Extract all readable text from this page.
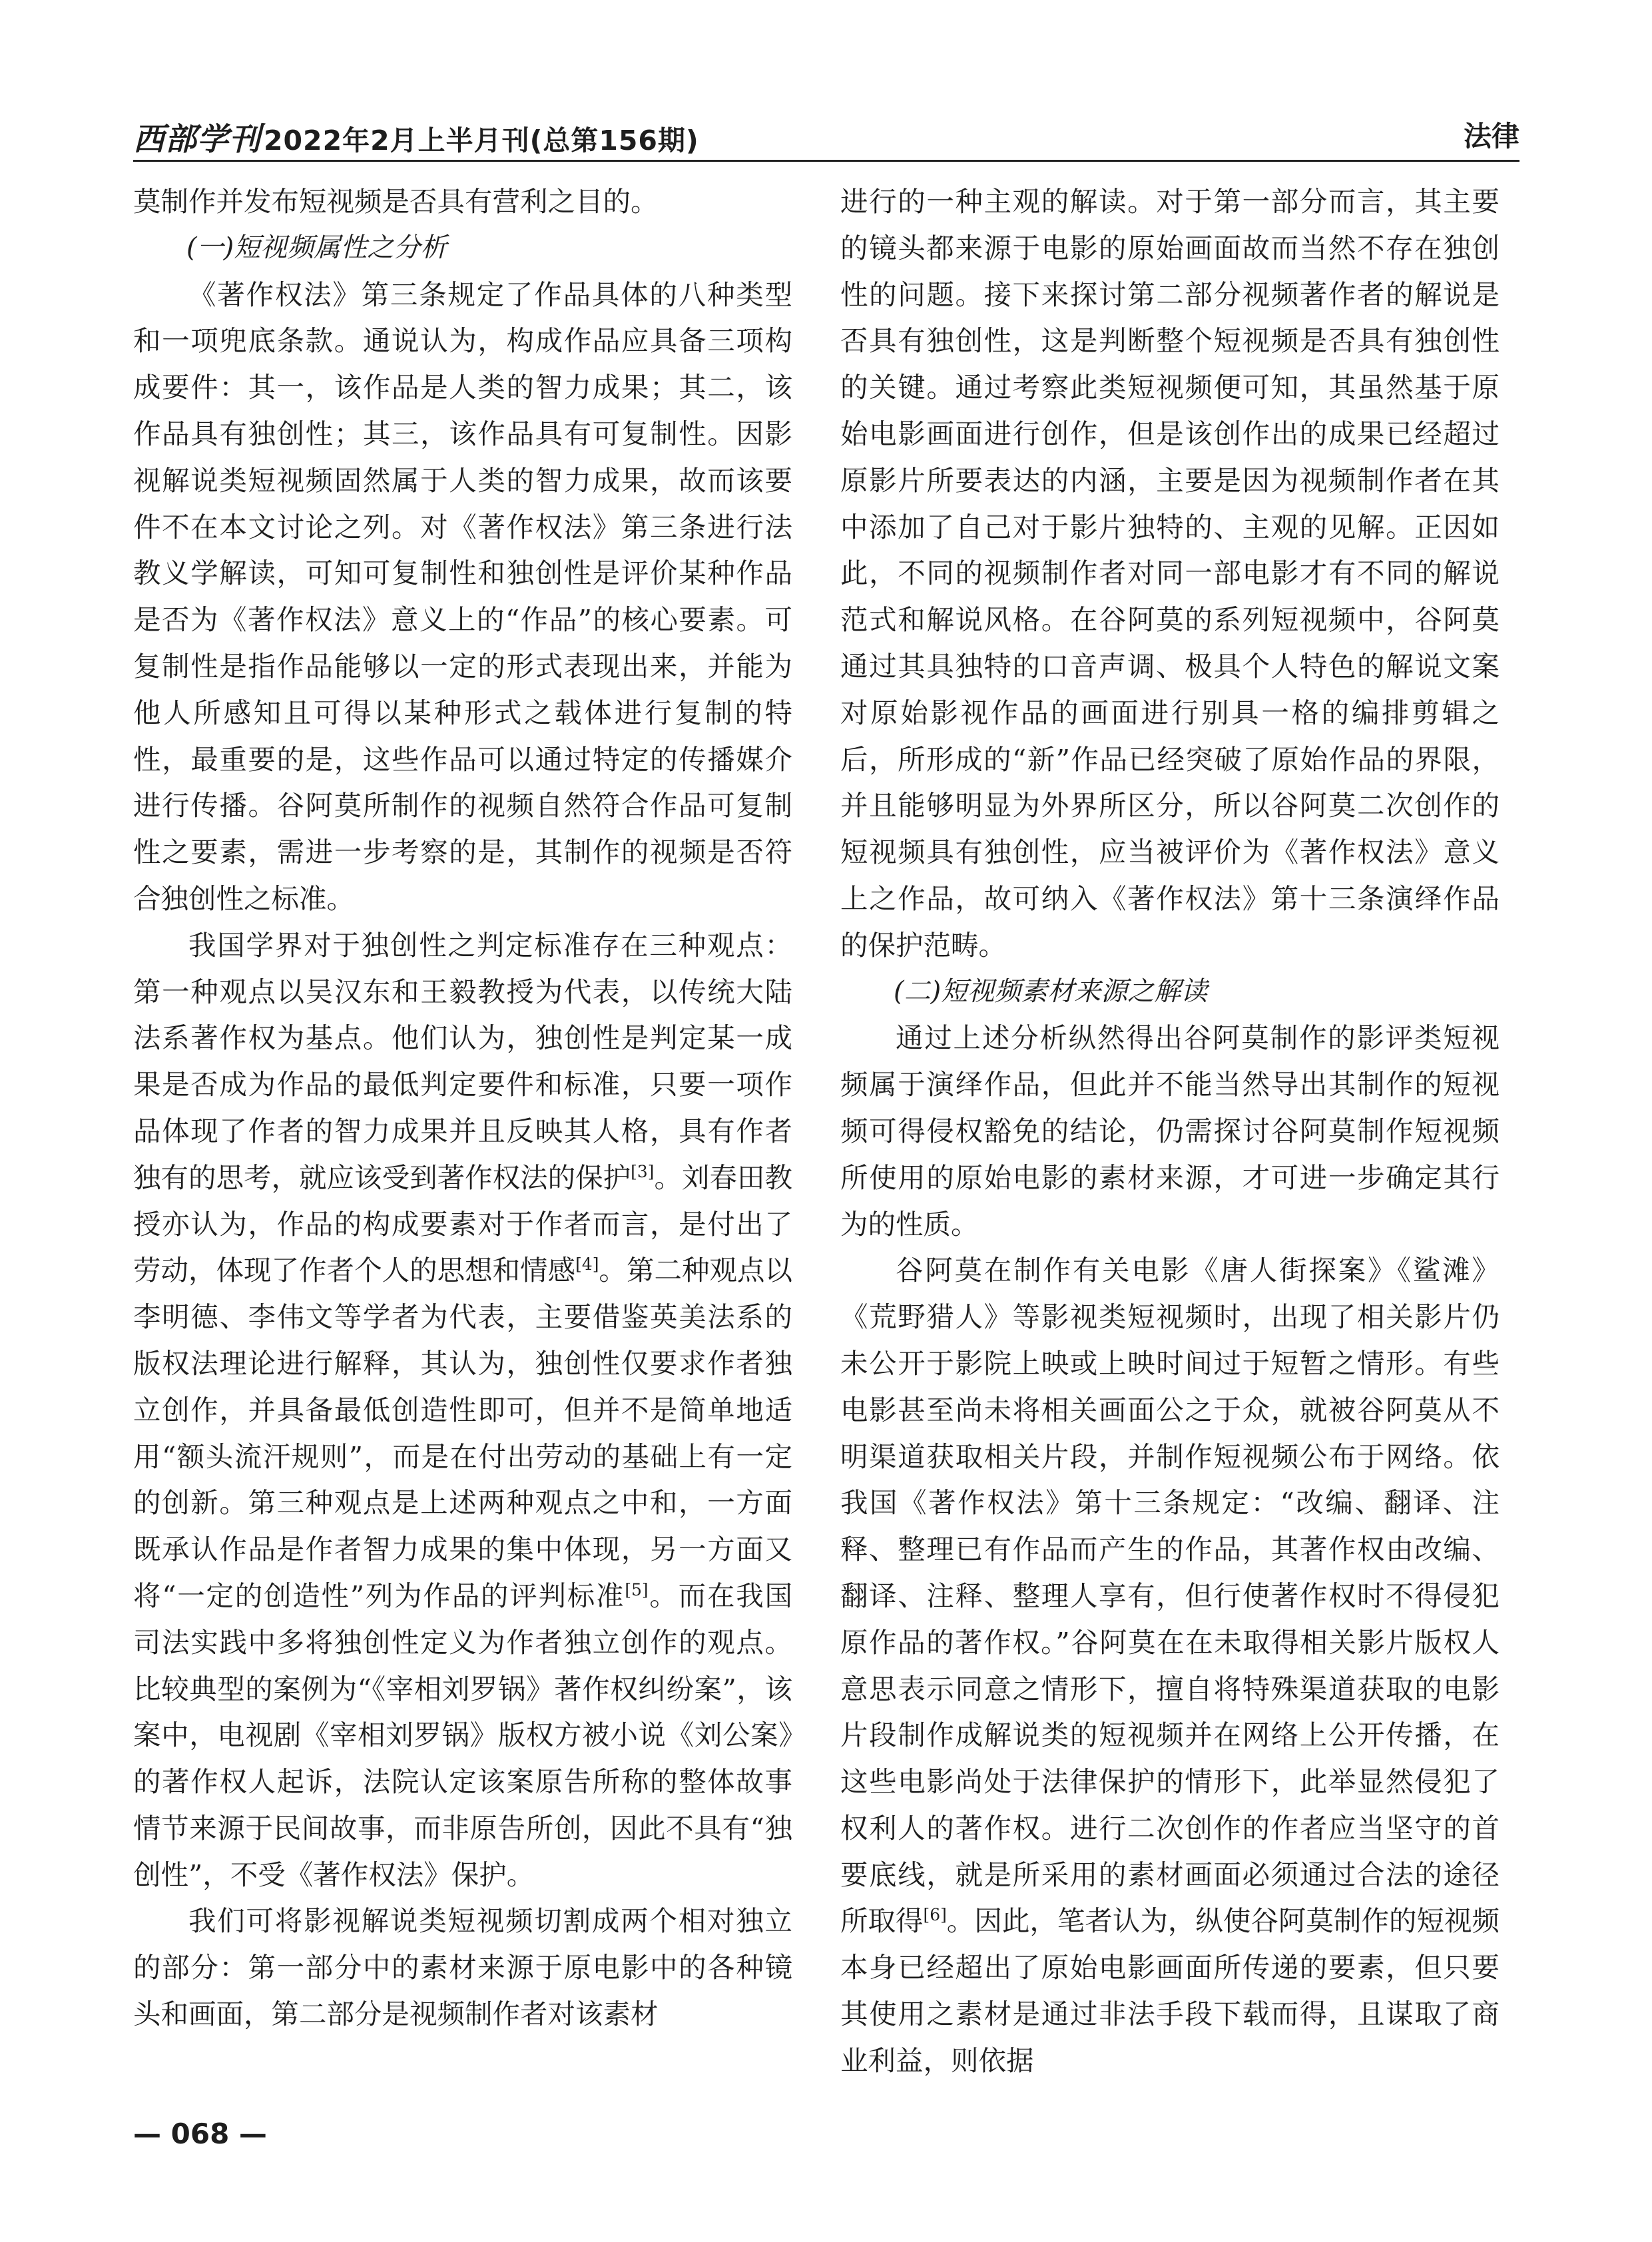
西部学刊2022年2月上半月刊(总第156期)	法律

莫制作并发布短视频是否具有营利之目的。

(一)短视频属性之分析

《著作权法》第三条规定了作品具体的八种类型和一项兜底条款。通说认为，构成作品应具备三项构成要件：其一，该作品是人类的智力成果；其二，该作品具有独创性；其三，该作品具有可复制性。因影视解说类短视频固然属于人类的智力成果，故而该要件不在本文讨论之列。对《著作权法》第三条进行法教义学解读，可知可复制性和独创性是评价某种作品是否为《著作权法》意义上的“作品”的核心要素。可复制性是指作品能够以一定的形式表现出来，并能为他人所感知且可得以某种形式之载体进行复制的特性，最重要的是，这些作品可以通过特定的传播媒介进行传播。谷阿莫所制作的视频自然符合作品可复制性之要素，需进一步考察的是，其制作的视频是否符合独创性之标准。

我国学界对于独创性之判定标准存在三种观点：第一种观点以吴汉东和王毅教授为代表，以传统大陆法系著作权为基点。他们认为，独创性是判定某一成果是否成为作品的最低判定要件和标准，只要一项作品体现了作者的智力成果并且反映其人格，具有作者独有的思考，就应该受到著作权法的保护[3]。刘春田教授亦认为，作品的构成要素对于作者而言，是付出了劳动，体现了作者个人的思想和情感[4]。第二种观点以李明德、李伟文等学者为代表，主要借鉴英美法系的版权法理论进行解释，其认为，独创性仅要求作者独立创作，并具备最低创造性即可，但并不是简单地适用“额头流汗规则”，而是在付出劳动的基础上有一定的创新。第三种观点是上述两种观点之中和，一方面既承认作品是作者智力成果的集中体现，另一方面又将“一定的创造性”列为作品的评判标准[5]。而在我国司法实践中多将独创性定义为作者独立创作的观点。比较典型的案例为“《宰相刘罗锅》著作权纠纷案”，该案中，电视剧《宰相刘罗锅》版权方被小说《刘公案》的著作权人起诉，法院认定该案原告所称的整体故事情节来源于民间故事，而非原告所创，因此不具有“独创性”，不受《著作权法》保护。

我们可将影视解说类短视频切割成两个相对独立的部分：第一部分中的素材来源于原电影中的各种镜头和画面，第二部分是视频制作者对该素材

进行的一种主观的解读。对于第一部分而言，其主要的镜头都来源于电影的原始画面故而当然不存在独创性的问题。接下来探讨第二部分视频著作者的解说是否具有独创性，这是判断整个短视频是否具有独创性的关键。通过考察此类短视频便可知，其虽然基于原始电影画面进行创作，但是该创作出的成果已经超过原影片所要表达的内涵，主要是因为视频制作者在其中添加了自己对于影片独特的、主观的见解。正因如此，不同的视频制作者对同一部电影才有不同的解说范式和解说风格。在谷阿莫的系列短视频中，谷阿莫通过其具独特的口音声调、极具个人特色的解说文案对原始影视作品的画面进行别具一格的编排剪辑之后，所形成的“新”作品已经突破了原始作品的界限，并且能够明显为外界所区分，所以谷阿莫二次创作的短视频具有独创性，应当被评价为《著作权法》意义上之作品，故可纳入《著作权法》第十三条演绎作品的保护范畴。

(二)短视频素材来源之解读

通过上述分析纵然得出谷阿莫制作的影评类短视频属于演绎作品，但此并不能当然导出其制作的短视频可得侵权豁免的结论，仍需探讨谷阿莫制作短视频所使用的原始电影的素材来源，才可进一步确定其行为的性质。

谷阿莫在制作有关电影《唐人街探案》《鲨滩》《荒野猎人》等影视类短视频时，出现了相关影片仍未公开于影院上映或上映时间过于短暂之情形。有些电影甚至尚未将相关画面公之于众，就被谷阿莫从不明渠道获取相关片段，并制作短视频公布于网络。依我国《著作权法》第十三条规定：“改编、翻译、注释、整理已有作品而产生的作品，其著作权由改编、翻译、注释、整理人享有，但行使著作权时不得侵犯原作品的著作权。”谷阿莫在在未取得相关影片版权人意思表示同意之情形下，擅自将特殊渠道获取的电影片段制作成解说类的短视频并在网络上公开传播，在这些电影尚处于法律保护的情形下，此举显然侵犯了权利人的著作权。进行二次创作的作者应当坚守的首要底线，就是所采用的素材画面必须通过合法的途径所取得[6]。因此，笔者认为，纵使谷阿莫制作的短视频本身已经超出了原始电影画面所传递的要素，但只要其使用之素材是通过非法手段下载而得，且谋取了商业利益，则依据

— 068 —
